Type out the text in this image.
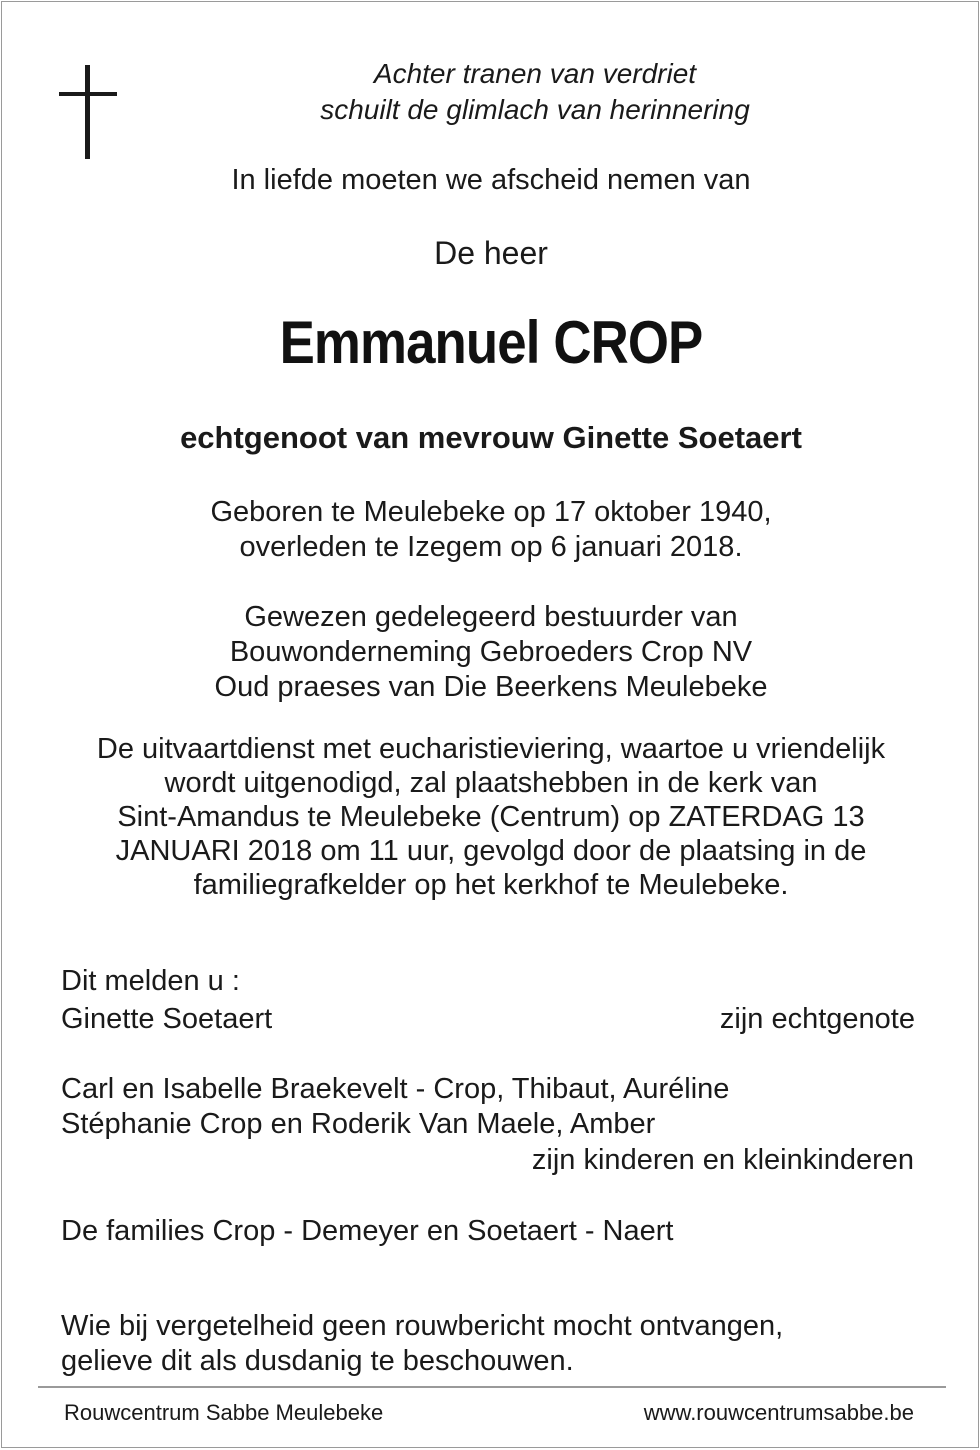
Achter tranen van verdriet
schuilt de glimlach van herinnering
In liefde moeten we afscheid nemen van
De heer
Emmanuel CROP
echtgenoot van mevrouw Ginette Soetaert
Geboren te Meulebeke op 17 oktober 1940,
overleden te Izegem op 6 januari 2018.
Gewezen gedelegeerd bestuurder van
Bouwonderneming Gebroeders Crop NV
Oud praeses van Die Beerkens Meulebeke
De uitvaartdienst met eucharistieviering, waartoe u vriendelijk
wordt uitgenodigd, zal plaatshebben in de kerk van
Sint-Amandus te Meulebeke (Centrum) op ZATERDAG 13
JANUARI 2018 om 11 uur, gevolgd door de plaatsing in de
familiegrafkelder op het kerkhof te Meulebeke.
Dit melden u :
Ginette Soetaert	zijn echtgenote
Carl en Isabelle Braekevelt - Crop, Thibaut, Auréline
Stéphanie Crop en Roderik Van Maele, Amber
zijn kinderen en kleinkinderen
De families Crop - Demeyer en Soetaert - Naert
Wie bij vergetelheid geen rouwbericht mocht ontvangen,
gelieve dit als dusdanig te beschouwen.
Rouwcentrum Sabbe Meulebeke	www.rouwcentrumsabbe.be
